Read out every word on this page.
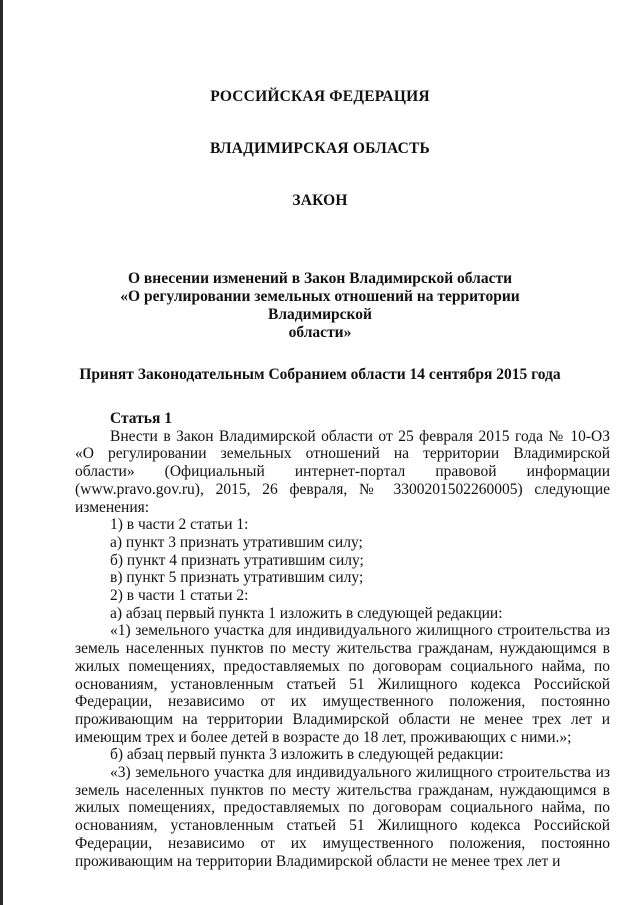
РОССИЙСКАЯ ФЕДЕРАЦИЯ
ВЛАДИМИРСКАЯ ОБЛАСТЬ
ЗАКОН
О внесении изменений в Закон Владимирской области
«О регулировании земельных отношений на территории Владимирской
области»
Принят Законодательным Собранием области 14 сентября 2015 года

Статья 1

Внести в Закон Владимирской области от 25 февраля 2015 года № 10-ОЗ «О регулировании земельных отношений на территории Владимирской области» (Официальный интернет-портал правовой информации (www.pravo.gov.ru), 2015, 26 февраля, № 3300201502260005) следующие изменения:

1) в части 2 статьи 1:

а) пункт 3 признать утратившим силу;

б) пункт 4 признать утратившим силу;

в) пункт 5 признать утратившим силу;

2) в части 1 статьи 2:

а) абзац первый пункта 1 изложить в следующей редакции:

«1) земельного участка для индивидуального жилищного строительства из земель населенных пунктов по месту жительства гражданам, нуждающимся в жилых помещениях, предоставляемых по договорам социального найма, по основаниям, установленным статьей 51 Жилищного кодекса Российской Федерации, независимо от их имущественного положения, постоянно проживающим на территории Владимирской области не менее трех лет и имеющим трех и более детей в возрасте до 18 лет, проживающих с ними.»;

б) абзац первый пункта 3 изложить в следующей редакции:

«3) земельного участка для индивидуального жилищного строительства из земель населенных пунктов по месту жительства гражданам, нуждающимся в жилых помещениях, предоставляемых по договорам социального найма, по основаниям, установленным статьей 51 Жилищного кодекса Российской Федерации, независимо от их имущественного положения, постоянно проживающим на территории Владимирской области не менее трех лет и
